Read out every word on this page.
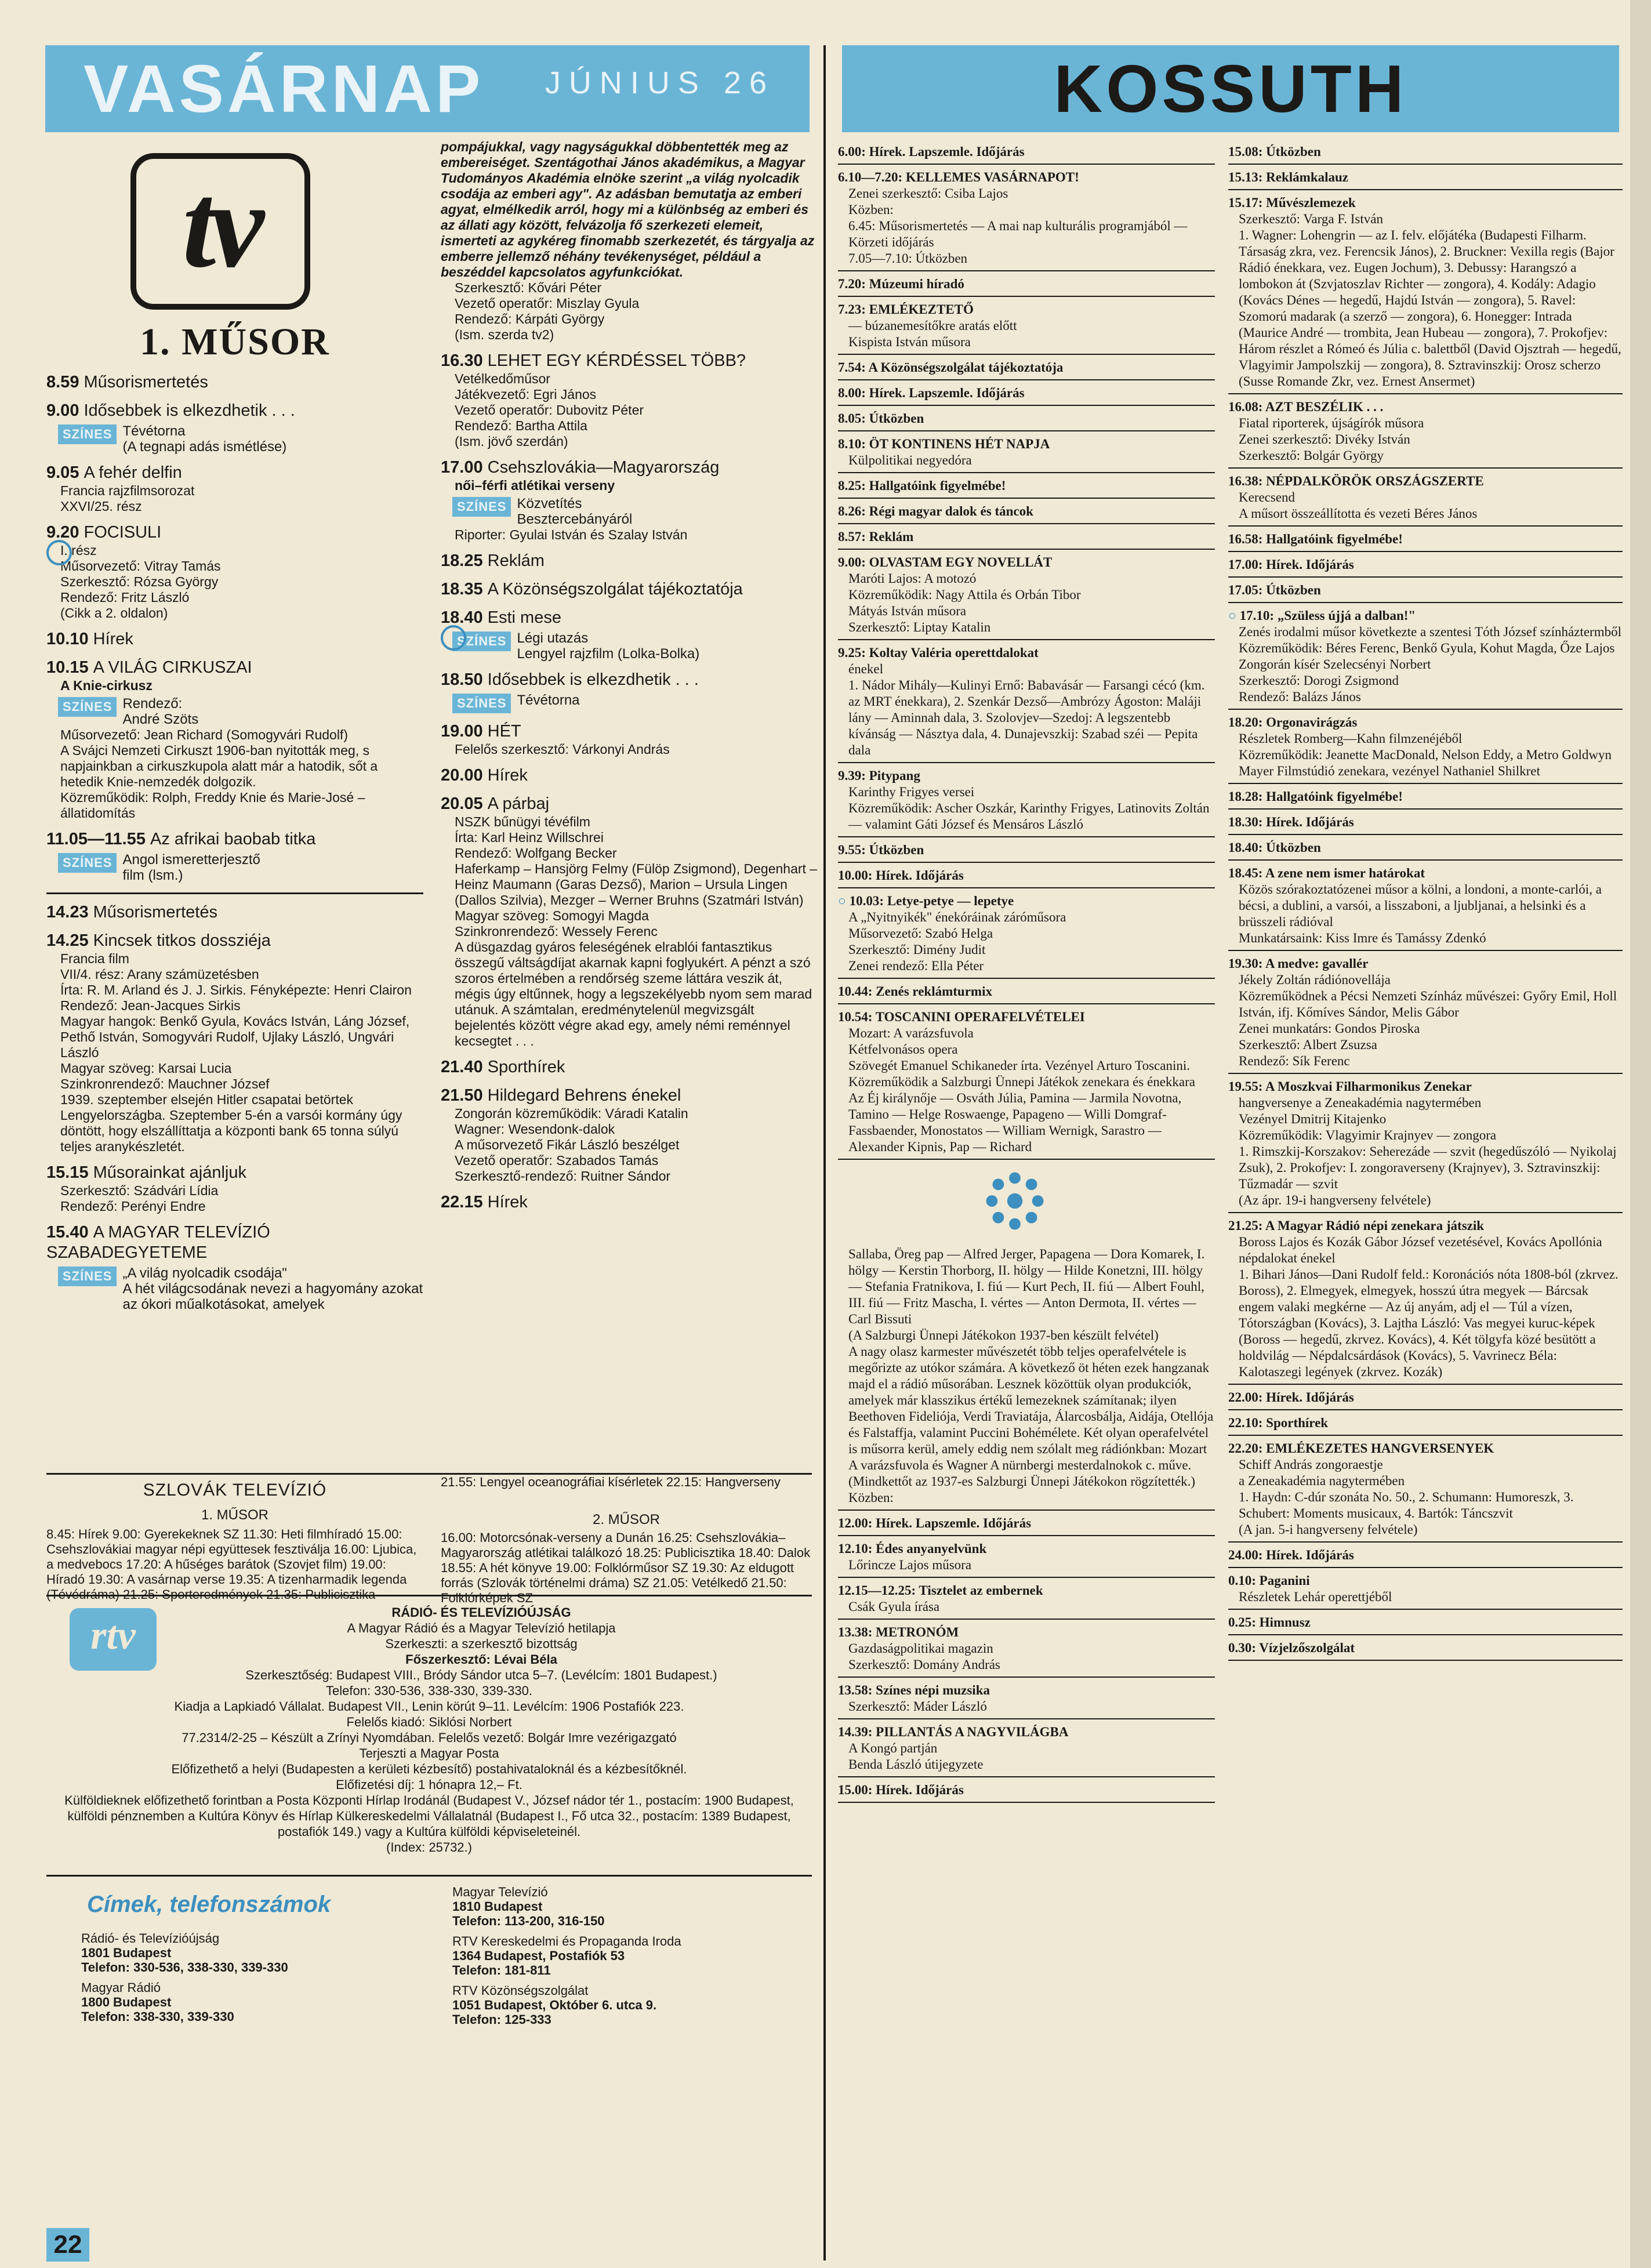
VASÁRNAP JÚNIUS 26	KOSSUTH
tv
1. MŰSOR
8.59 Műsorismertetés
9.00 Idősebbek is elkezdhetik . . .
SZÍNES Tévétorna
(A tegnapi adás ismétlése)
9.05 A fehér delfin
Francia rajzfilmsorozat
XXVI/25. rész
9.20 FOCISULI
I. rész
Műsorvezető: Vitray Tamás
Szerkesztő: Rózsa György
Rendező: Fritz László
(Cikk a 2. oldalon)
10.10 Hírek
10.15 A VILÁG CIRKUSZAI
A Knie-cirkusz
SZÍNES Rendező:
André Szöts
Műsorvezető: Jean Richard (Somogyvári Rudolf)
A Svájci Nemzeti Cirkuszt 1906-ban nyitották meg, s napjainkban a cirkuszkupola alatt már a hatodik, sőt a hetedik Knie-nemzedék dolgozik.
Közreműködik: Rolph, Freddy Knie és Marie-José – állatidomítás
11.05—11.55 Az afrikai baobab titka
SZÍNES Angol ismeretterjesztő
film (lsm.)
14.23 Műsorismertetés
14.25 Kincsek titkos dossziéja
Francia film
VII/4. rész: Arany számüzetésben
Írta: R. M. Arland és J. J. Sirkis. Fényképezte: Henri Clairon
Rendező: Jean-Jacques Sirkis
Magyar hangok: Benkő Gyula, Kovács István, Láng József, Pethő István, Somogyvári Rudolf, Ujlaky László, Ungvári László
Magyar szöveg: Karsai Lucia
Szinkronrendező: Mauchner József
1939. szeptember elsején Hitler csapatai betörtek Lengyelországba. Szeptember 5-én a varsói kormány úgy döntött, hogy elszállíttatja a központi bank 65 tonna súlyú teljes aranykészletét.
15.15 Műsorainkat ajánljuk
Szerkesztő: Szádvári Lídia
Rendező: Perényi Endre
15.40 A MAGYAR TELEVÍZIÓ SZABADEGYETEME
SZÍNES „A világ nyolcadik csodája"
A hét világcsodának nevezi a hagyomány azokat az ókori műalkotásokat, amelyek
pompájukkal, vagy nagyságukkal döbbentették meg az embereiséget. Szentágothai János akadémikus, a Magyar Tudományos Akadémia elnöke szerint „a világ nyolcadik csodája az emberi agy". Az adásban bemutatja az emberi agyat, elmélkedik arról, hogy mi a különbség az emberi és az állati agy között, felvázolja fő szerkezeti elemeit, ismerteti az agykéreg finomabb szerkezetét, és tárgyalja az emberre jellemző néhány tevékenységet, például a beszéddel kapcsolatos agyfunkciókat.
Szerkesztő: Kővári Péter
Vezető operatőr: Miszlay Gyula
Rendező: Kárpáti György
(Ism. szerda tv2)
16.30 LEHET EGY KÉRDÉSSEL TÖBB?
Vetélkedőműsor
Játékvezető: Egri János
Vezető operatőr: Dubovitz Péter
Rendező: Bartha Attila
(Ism. jövő szerdán)
17.00 Csehszlovákia—Magyarország
női–férfi atlétikai verseny
SZÍNES Közvetítés
Besztercebányáról
Riporter: Gyulai István és Szalay István
18.25 Reklám
18.35 A Közönségszolgálat tájékoztatója
18.40 Esti mese
SZÍNES Légi utazás
Lengyel rajzfilm (Lolka-Bolka)
18.50 Idősebbek is elkezdhetik . . .
SZÍNES Tévétorna
19.00 HÉT
Felelős szerkesztő: Várkonyi András
20.00 Hírek
20.05 A párbaj
NSZK bűnügyi tévéfilm
Írta: Karl Heinz Willschrei
Rendező: Wolfgang Becker
Haferkamp – Hansjörg Felmy (Fülöp Zsigmond), Degenhart – Heinz Maumann (Garas Dezső), Marion – Ursula Lingen (Dallos Szilvia), Mezger – Werner Bruhns (Szatmári István)
Magyar szöveg: Somogyi Magda
Szinkronrendező: Wessely Ferenc
A düsgazdag gyáros feleségének elrablói fantasztikus összegű váltságdíjat akarnak kapni foglyukért. A pénzt a szó szoros értelmében a rendőrség szeme láttára veszik át, mégis úgy eltűnnek, hogy a legszekélyebb nyom sem marad utánuk. A számtalan, eredménytelenül megvizsgált bejelentés között végre akad egy, amely némi reménnyel kecsegtet . . .
21.40 Sporthírek
21.50 Hildegard Behrens énekel
Zongorán közreműködik: Váradi Katalin
Wagner: Wesendonk-dalok
A műsorvezető Fikár László beszélget
Vezető operatőr: Szabados Tamás
Szerkesztő-rendező: Ruitner Sándor
22.15 Hírek
6.00: Hírek. Lapszemle. Időjárás
6.10—7.20: KELLEMES VASÁRNAPOT!
Zenei szerkesztő: Csiba Lajos
Közben:
6.45: Műsorismertetés — A mai nap kulturális programjából — Körzeti időjárás
7.05—7.10: Útközben
7.20: Múzeumi híradó
7.23: EMLÉKEZTETŐ
— búzanemesítőkre aratás előtt
Kispista István műsora
7.54: A Közönségszolgálat tájékoztatója
8.00: Hírek. Lapszemle. Időjárás
8.05: Útközben
8.10: ÖT KONTINENS HÉT NAPJA
Külpolitikai negyedóra
8.25: Hallgatóink figyelmébe!
8.26: Régi magyar dalok és táncok
8.57: Reklám
9.00: OLVASTAM EGY NOVELLÁT
Maróti Lajos: A motozó
Közreműködik: Nagy Attila és Orbán Tibor
Mátyás István műsora
Szerkesztő: Liptay Katalin
9.25: Koltay Valéria operettdalokat
énekel
1. Nádor Mihály—Kulinyi Ernő: Babavásár — Farsangi cécó (km. az MRT énekkara), 2. Szenkár Dezső—Ambrózy Ágoston: Maláji lány — Aminnah dala, 3. Szolovjev—Szedoj: A legszentebb kívánság — Násztya dala, 4. Dunajevszkij: Szabad széi — Pepita dala
9.39: Pitypang
Karinthy Frigyes versei
Közreműködik: Ascher Oszkár, Karinthy Frigyes, Latinovits Zoltán — valamint Gáti József és Mensáros László
9.55: Útközben
10.00: Hírek. Időjárás
○ 10.03: Letye-petye — lepetye
A „Nyitnyikék" énekóráinak záróműsora
Műsorvezető: Szabó Helga
Szerkesztő: Dimény Judit
Zenei rendező: Ella Péter
10.44: Zenés reklámturmix
10.54: TOSCANINI OPERAFELVÉTELEI
Mozart: A varázsfuvola
Kétfelvonásos opera
Szövegét Emanuel Schikaneder írta. Vezényel Arturo Toscanini. Közreműködik a Salzburgi Ünnepi Játékok zenekara és énekkara
Az Éj királynője — Osváth Júlia, Pamina — Jarmila Novotna, Tamino — Helge Roswaenge, Papageno — Willi Domgraf-Fassbaender, Monostatos — William Wernigk, Sarastro — Alexander Kipnis, Pap — Richard
Sallaba, Öreg pap — Alfred Jerger, Papagena — Dora Komarek, I. hölgy — Kerstin Thorborg, II. hölgy — Hilde Konetzni, III. hölgy — Stefania Fratnikova, I. fiú — Kurt Pech, II. fiú — Albert Fouhl, III. fiú — Fritz Mascha, I. vértes — Anton Dermota, II. vértes — Carl Bissuti
(A Salzburgi Ünnepi Játékokon 1937-ben készült felvétel)
A nagy olasz karmester művészetét több teljes operafelvétele is megőrizte az utókor számára. A következő öt héten ezek hangzanak majd el a rádió műsorában. Lesznek közöttük olyan produkciók, amelyek már klasszikus értékű lemezeknek számítanak; ilyen Beethoven Fideliója, Verdi Traviatája, Álarcosbálja, Aidája, Otellója és Falstaffja, valamint Puccini Bohémélete. Két olyan operafelvétel is műsorra kerül, amely eddig nem szólalt meg rádiónkban: Mozart A varázsfuvola és Wagner A nürnbergi mesterdalnokok c. műve. (Mindkettőt az 1937-es Salzburgi Ünnepi Játékokon rögzítették.)
Közben:
12.00: Hírek. Lapszemle. Időjárás
12.10: Édes anyanyelvünk
Lőrincze Lajos műsora
12.15—12.25: Tisztelet az embernek
Csák Gyula írása
13.38: METRONÓM
Gazdaságpolitikai magazin
Szerkesztő: Domány András
13.58: Színes népi muzsika
Szerkesztő: Máder László
14.39: PILLANTÁS A NAGYVILÁGBA
A Kongó partján
Benda László útijegyzete
15.00: Hírek. Időjárás
15.08: Útközben
15.13: Reklámkalauz
15.17: Művészlemezek
Szerkesztő: Varga F. István
1. Wagner: Lohengrin — az I. felv. előjátéka (Budapesti Filharm. Társaság zkra, vez. Ferencsik János), 2. Bruckner: Vexilla regis (Bajor Rádió énekkara, vez. Eugen Jochum), 3. Debussy: Harangszó a lombokon át (Szvjatoszlav Richter — zongora), 4. Kodály: Adagio (Kovács Dénes — hegedű, Hajdú István — zongora), 5. Ravel: Szomorú madarak (a szerző — zongora), 6. Honegger: Intrada (Maurice André — trombita, Jean Hubeau — zongora), 7. Prokofjev: Három részlet a Rómeó és Júlia c. balettből (David Ojsztrah — hegedű, Vlagyimir Jampolszkij — zongora), 8. Sztravinszkij: Orosz scherzo (Susse Romande Zkr, vez. Ernest Ansermet)
16.08: AZT BESZÉLIK . . .
Fiatal riporterek, újságírók műsora
Zenei szerkesztő: Divéky István
Szerkesztő: Bolgár György
16.38: NÉPDALKÖRÖK ORSZÁGSZERTE
Kerecsend
A műsort összeállította és vezeti Béres János
16.58: Hallgatóink figyelmébe!
17.00: Hírek. Időjárás
17.05: Útközben
○ 17.10: „Szüless újjá a dalban!"
Zenés irodalmi műsor következte a szentesi Tóth József színháztermből
Közreműködik: Béres Ferenc, Benkő Gyula, Kohut Magda, Őze Lajos
Zongorán kísér Szelecsényi Norbert
Szerkesztő: Dorogi Zsigmond
Rendező: Balázs János
18.20: Orgonavirágzás
Részletek Romberg—Kahn filmzenéjéből
Közreműködik: Jeanette MacDonald, Nelson Eddy, a Metro Goldwyn Mayer Filmstúdió zenekara, vezényel Nathaniel Shilkret
18.28: Hallgatóink figyelmébe!
18.30: Hírek. Időjárás
18.40: Útközben
18.45: A zene nem ismer határokat
Közös szórakoztatózenei műsor a kölni, a londoni, a monte-carlói, a bécsi, a dublini, a varsói, a lisszaboni, a ljubljanai, a helsinki és a brüsszeli rádióval
Munkatársaink: Kiss Imre és Tamássy Zdenkó
19.30: A medve: gavallér
Jékely Zoltán rádiónovellája
Közreműködnek a Pécsi Nemzeti Színház művészei: Győry Emil, Holl István, ifj. Kőmíves Sándor, Melis Gábor
Zenei munkatárs: Gondos Piroska
Szerkesztő: Albert Zsuzsa
Rendező: Sík Ferenc
19.55: A Moszkvai Filharmonikus Zenekar
hangversenye a Zeneakadémia nagytermében
Vezényel Dmitrij Kitajenko
Közreműködik: Vlagyimir Krajnyev — zongora
1. Rimszkij-Korszakov: Seherezáde — szvit (hegedűszóló — Nyikolaj Zsuk), 2. Prokofjev: I. zongoraverseny (Krajnyev), 3. Sztravinszkij: Tűzmadár — szvit
(Az ápr. 19-i hangverseny felvétele)
21.25: A Magyar Rádió népi zenekara játszik
Boross Lajos és Kozák Gábor József vezetésével, Kovács Apollónia népdalokat énekel
1. Bihari János—Dani Rudolf feld.: Koronációs nóta 1808-ból (zkrvez. Boross), 2. Elmegyek, elmegyek, hosszú útra megyek — Bárcsak engem valaki megkérne — Az új anyám, adj el — Túl a vízen, Tótországban (Kovács), 3. Lajtha László: Vas megyei kuruc-képek (Boross — hegedű, zkrvez. Kovács), 4. Két tölgyfa közé besütött a holdvilág — Népdalcsárdások (Kovács), 5. Vavrinecz Béla: Kalotaszegi legények (zkrvez. Kozák)
22.00: Hírek. Időjárás
22.10: Sporthírek
22.20: EMLÉKEZETES HANGVERSENYEK
Schiff András zongoraestje
a Zeneakadémia nagytermében
1. Haydn: C-dúr szonáta No. 50., 2. Schumann: Humoreszk, 3. Schubert: Moments musicaux, 4. Bartók: Táncszvit
(A jan. 5-i hangverseny felvétele)
24.00: Hírek. Időjárás
0.10: Paganini
Részletek Lehár operettjéből
0.25: Himnusz
0.30: Vízjelzőszolgálat
SZLOVÁK TELEVÍZIÓ
1. MŰSOR
8.45: Hírek 9.00: Gyerekeknek SZ 11.30: Heti filmhíradó 15.00: Csehszlovákiai magyar népi együttesek fesztiválja 16.00: Ljubica, a medvebocs 17.20: A hűséges barátok (Szovjet film) 19.00: Híradó 19.30: A vasárnap verse 19.35: A tizenharmadik legenda (Tévédráma) 21.25: Sporteredmények 21.35: Publicisztika
21.55: Lengyel oceanográfiai kísérletek 22.15: Hangverseny
2. MŰSOR
16.00: Motorcsónak-verseny a Dunán 16.25: Csehszlovákia–Magyarország atlétikai találkozó 18.25: Publicisztika 18.40: Dalok 18.55: A hét könyve 19.00: Folklórműsor SZ 19.30: Az eldugott forrás (Szlovák történelmi dráma) SZ 21.05: Vetélkedő 21.50: Folklórképek SZ
rtv
RÁDIÓ- ÉS TELEVÍZIÓÚJSÁG
A Magyar Rádió és a Magyar Televízió hetilapja
Szerkeszti: a szerkesztő bizottság
Főszerkesztő: Lévai Béla
Szerkesztőség: Budapest VIII., Bródy Sándor utca 5–7. (Levélcím: 1801 Budapest.)
Telefon: 330-536, 338-330, 339-330.
Kiadja a Lapkiadó Vállalat. Budapest VII., Lenin körút 9–11. Levélcím: 1906 Postafiók 223.
Felelős kiadó: Siklósi Norbert
77.2314/2-25 – Készült a Zrínyi Nyomdában. Felelős vezető: Bolgár Imre vezérigazgató
Terjeszti a Magyar Posta
Előfizethető a helyi (Budapesten a kerületi kézbesítő) postahivataloknál és a kézbesítőknél.
Előfizetési díj: 1 hónapra 12,– Ft.
Külföldieknek előfizethető forintban a Posta Központi Hírlap Irodánál (Budapest V., József nádor tér 1., postacím: 1900 Budapest, külföldi pénznemben a Kultúra Könyv és Hírlap Külkereskedelmi Vállalatnál (Budapest I., Fő utca 32., postacím: 1389 Budapest, postafiók 149.) vagy a Kultúra külföldi képviseleteinél.
(Index: 25732.)
Címek, telefonszámok
Rádió- és Televízióújság
1801 Budapest
Telefon: 330-536, 338-330, 339-330
Magyar Rádió
1800 Budapest
Telefon: 338-330, 339-330
Magyar Televízió
1810 Budapest
Telefon: 113-200, 316-150
RTV Kereskedelmi és Propaganda Iroda
1364 Budapest, Postafiók 53
Telefon: 181-811
RTV Közönségszolgálat
1051 Budapest, Október 6. utca 9.
Telefon: 125-333
22
